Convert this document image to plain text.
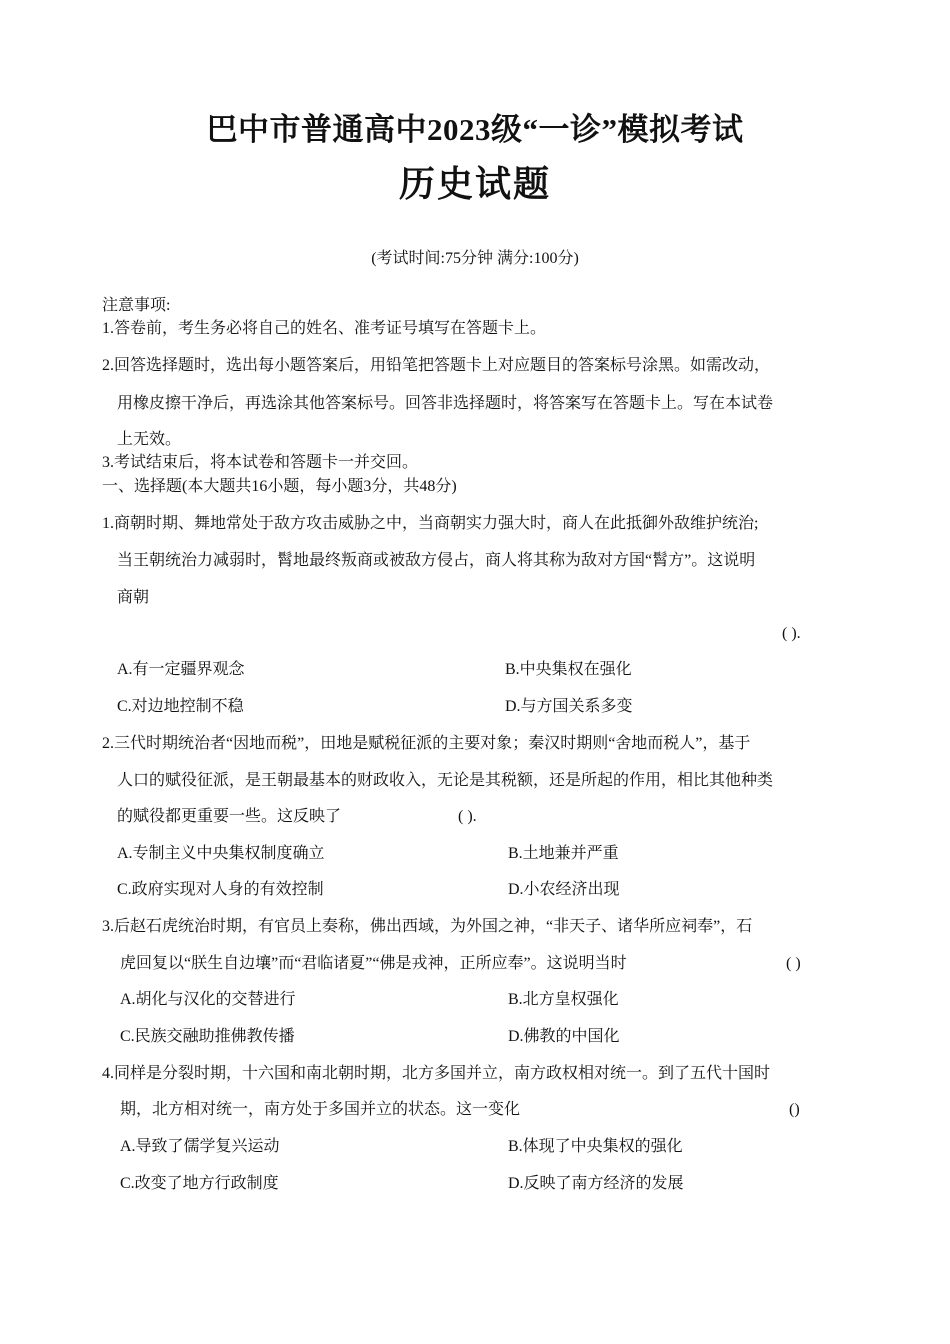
巴中市普通高中2023级“一诊”模拟考试
历史试题
(考试时间:75分钟 满分:100分)
注意事项:
1.答卷前，考生务必将自己的姓名、准考证号填写在答题卡上。
2.回答选择题时，选出每小题答案后，用铅笔把答题卡上对应题目的答案标号涂黑。如需改动，
用橡皮擦干净后，再选涂其他答案标号。回答非选择题时，将答案写在答题卡上。写在本试卷
上无效。
3.考试结束后，将本试卷和答题卡一并交回。
一、选择题(本大题共16小题，每小题3分，共48分)
1.商朝时期、舞地常处于敌方攻击威胁之中，当商朝实力强大时，商人在此抵御外敌维护统治;
当王朝统治力减弱时，髾地最终叛商或被敌方侵占，商人将其称为敌对方国“髾方”。这说明
商朝
( ).
A.有一定疆界观念	B.中央集权在强化
C.对边地控制不稳	D.与方国关系多变
2.三代时期统治者“因地而税”，田地是赋税征派的主要对象；秦汉时期则“舍地而税人”，基于
人口的赋役征派，是王朝最基本的财政收入，无论是其税额，还是所起的作用，相比其他种类
的赋役都更重要一些。这反映了	( ).
A.专制主义中央集权制度确立	B.土地兼并严重
C.政府实现对人身的有效控制	D.小农经济出现
3.后赵石虎统治时期，有官员上奏称，佛出西域，为外国之神，“非天子、诸华所应祠奉”，石
虎回复以“朕生自边壤”而“君临诸夏”“佛是戎神，正所应奉”。这说明当时	( )
A.胡化与汉化的交替进行	B.北方皇权强化
C.民族交融助推佛教传播	D.佛教的中国化
4.同样是分裂时期，十六国和南北朝时期，北方多国并立，南方政权相对统一。到了五代十国时
期，北方相对统一，南方处于多国并立的状态。这一变化	()
A.导致了儒学复兴运动	B.体现了中央集权的强化
C.改变了地方行政制度	D.反映了南方经济的发展
